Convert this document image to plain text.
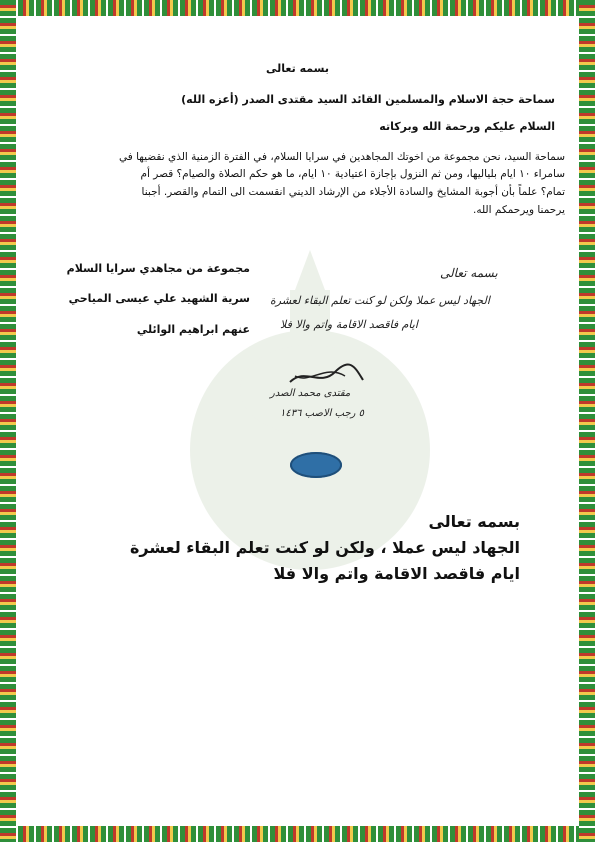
بسمه تعالى
سماحة حجة الاسلام والمسلمين القائد السيد مقتدى الصدر (أعزه الله)
السلام عليكم ورحمة الله وبركاته
سماحة السيد، نحن مجموعة من اخوتك المجاهدين في سرايا السلام، في الفترة الزمنية الذي نقضيها في
سامراء ١٠ ايام بلياليها، ومن ثم النزول بإجازة اعتيادية ١٠ ايام، ما هو حكم الصلاة والصيام؟ قصر أم
تمام؟ علماً بأن أجوبة المشايخ والسادة الأجلاء من الإرشاد الديني انقسمت الى التمام والقصر. أجبنا
يرحمنا ويرحمكم الله.
مجموعة من مجاهدي سرايا السلام
سرية الشهيد علي عيسى المياحي
عنهم ابراهيم الوائلي
بسمه تعالى
الجهاد ليس عملا ولكن لو كنت تعلم البقاء لعشرة
ايام فاقصد الاقامة واتم والا فلا
مقتدى محمد الصدر
٥ رجب الاصب ١٤٣٦
بسمه تعالى
الجهاد ليس عملا ، ولكن لو كنت تعلم البقاء لعشرة
ايام فاقصد الاقامة واتم والا فلا
